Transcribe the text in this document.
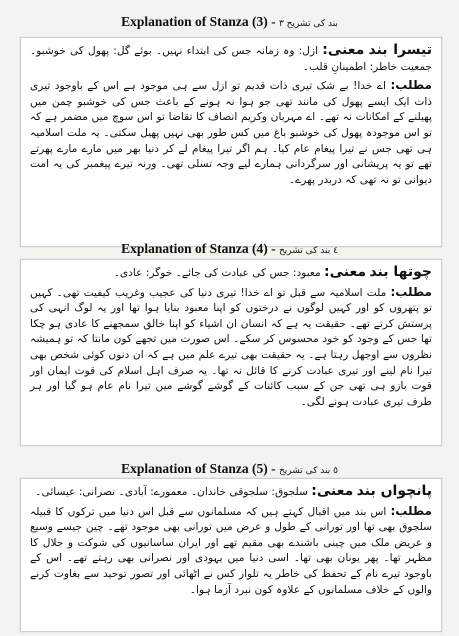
Explanation of Stanza (3) - ۳ بند کی تشریح

تیسرا بند معنی: ازل: وہ زمانہ جس کی ابتداء نہیں۔ بوئے گل: پھول کی خوشبو۔ جمعیت خاطر: اطمینانِ قلب۔

مطلب: اے خدا! بے شک تیری ذات قدیم تو ازل سے ہی موجود ہے اس کے باوجود تیری ذات ایک ایسے پھول کی مانند تھی جو ہوا نہ ہونے کے باعث جس کی خوشبو چمن میں پھیلنے کے امکانات نہ تھے۔ اے مہربان وکریم انصاف کا تقاضا تو اس سوچ میں مضمر ہے کہ تو اس موجودہ پھول کی خوشبو باغ میں کس طور بھی نہیں پھیل سکتی۔ یہ ملت اسلامیہ ہی تھی جس نے تیرا پیغام عام کیا۔ ہم اگر تیرا پیغام لے کر دنیا بھر میں مارے مارے پھرتے تھے تو یہ پریشانی اور سرگردانی ہمارے لیے وجہ تسلی تھی۔ ورنہ تیرے پیغمبر کی یہ امت دیوانی تو نہ تھی کہ دربدر پھرے۔

Explanation of Stanza (4) - ٤ بند کی تشریح

چوتھا بند معنی: معبود: جس کی عبادت کی جائے۔ خوگر: عادی۔

مطلب: ملت اسلامیہ سے قبل تو اے خدا! تیری دنیا کی عجیب وغریب کیفیت تھی۔ کہیں تو پتھروں کو اور کہیں لوگوں نے درختوں کو اپنا معبود بنایا ہوا تھا اور یہ لوگ انہی کی پرستش کرتے تھے۔ حقیقت یہ ہے کہ انسان ان اشیاء کو اپنا خالق سمجھنے کا عادی ہو چکا تھا جس کے وجود کو خود محسوس کر سکے۔ اس صورت میں تجھے کون مانتا کہ تو ہمیشہ نظروں سے اوجھل رہتا ہے۔ یہ حقیقت بھی تیرے علم میں ہے کہ ان دنوں کوئی شخص بھی تیرا نام لینے اور تیری عبادت کرنے کا قائل نہ تھا۔ یہ صرف اہل اسلام کی قوت ایمان اور قوت بازو ہی تھی جن کے سبب کائنات کے گوشے گوشے میں تیرا نام عام ہو گیا اور ہر طرف تیری عبادت ہونے لگی۔

Explanation of Stanza (5) - ٥ بند کی تشریح

پانچواں بند معنی: سلجوق: سلجوقی خاندان۔ معمورے: آبادی۔ نصرانی: عیسائی۔

مطلب: اس بند میں اقبال کہتے ہیں کہ مسلمانوں سے قبل اس دنیا میں ترکوں کا قبیلہ سلجوق بھی تھا اور تورانی کے طول و عرض میں تورانی بھی موجود تھے۔ چین جیسے وسیع و عریض ملک میں چینی باشندے بھی مقیم تھے اور ایران ساسانیوں کی شوکت و جلال کا مظہر تھا۔ پھر یونان بھی تھا۔ اسی دنیا میں یہودی اور نصرانی بھی رہتے تھے۔ اس کے باوجود تیرے نام کے تحفظ کی خاطر یہ تلوار کس نے اٹھائی اور تصور توحید سے بغاوت کرنے والوں کے خلاف مسلمانوں کے علاوہ کون نبرد آزما ہوا۔
